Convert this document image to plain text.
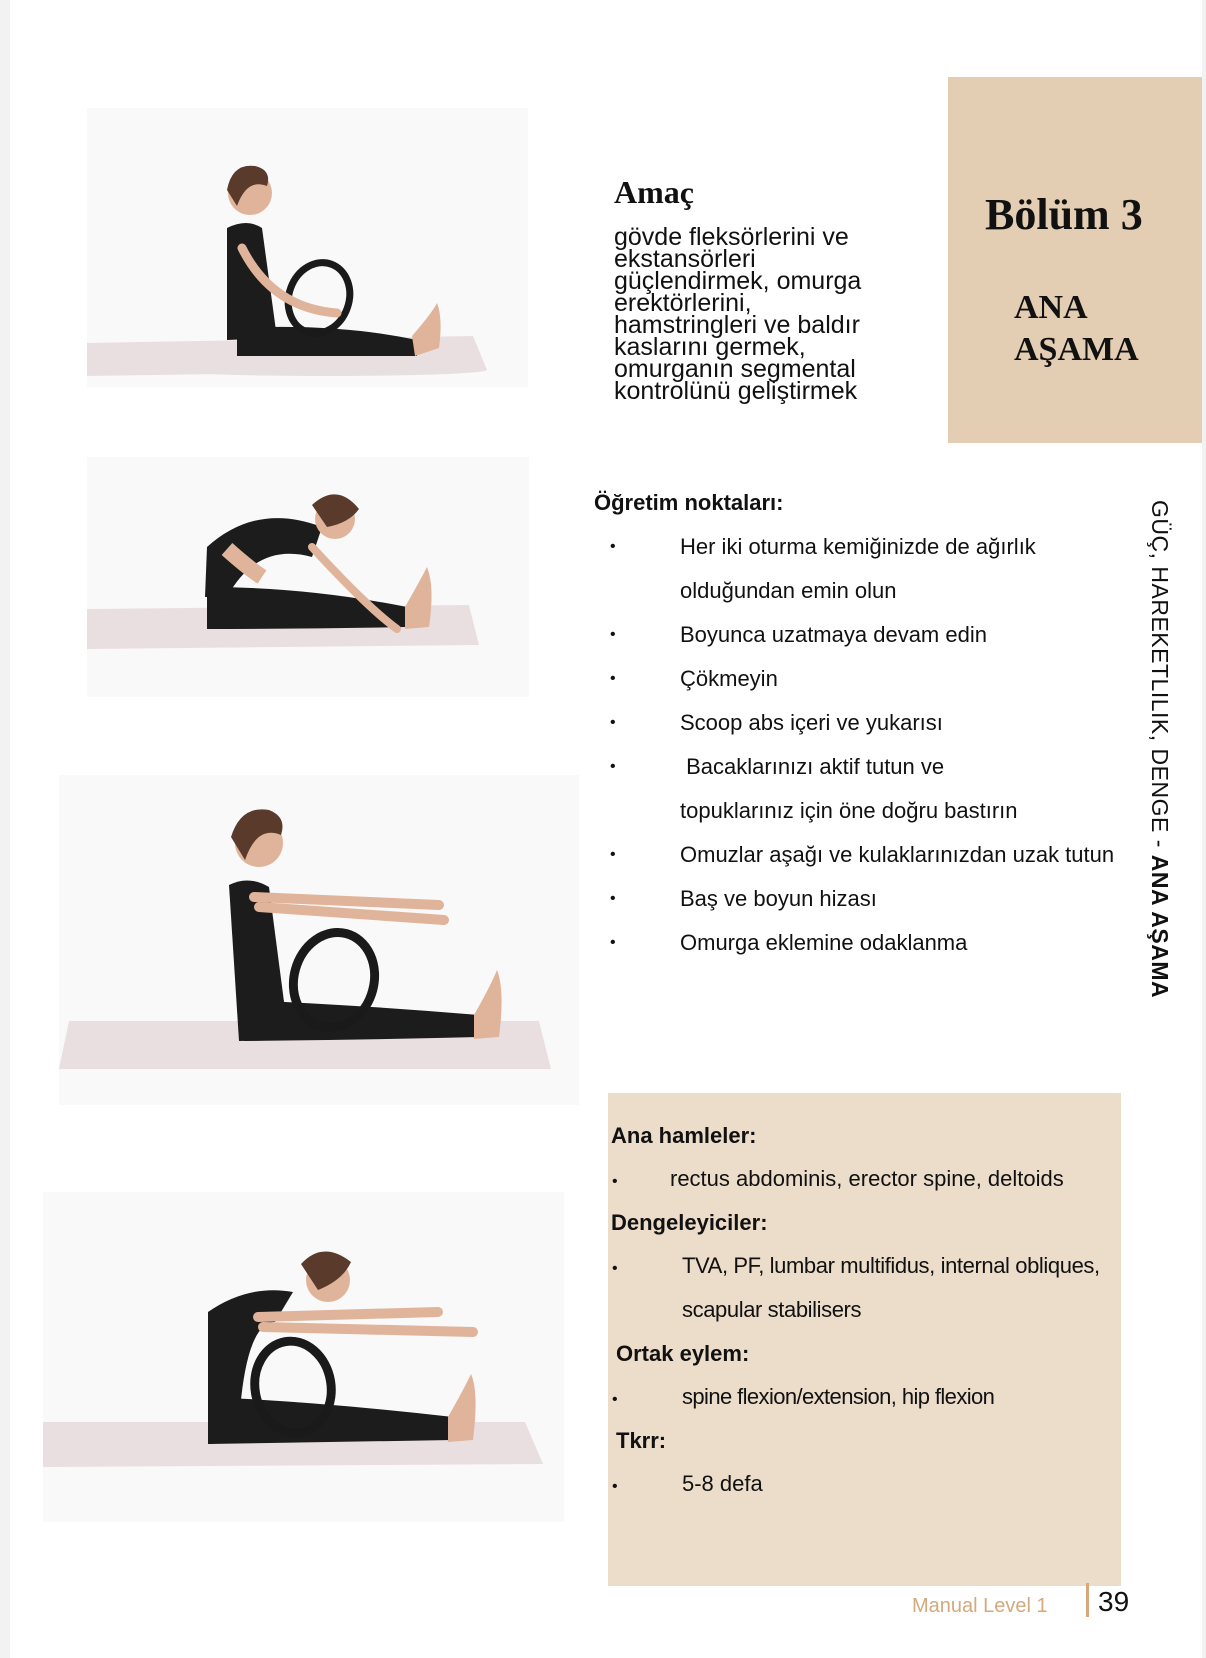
Bölüm 3
ANA AŞAMA
Amaç
gövde fleksörlerini ve
ekstansörleri
güçlendirmek, omurga
erektörlerini,
hamstringleri ve baldır
kaslarını germek,
omurganın segmental
kontrolünü geliştirmek
Öğretim noktaları:
•	Her iki oturma kemiğinizde de ağırlık
olduğundan emin olun
•	Boyunca uzatmaya devam edin
•	Çökmeyin
•	Scoop abs içeri ve yukarısı
•	Bacaklarınızı aktif tutun ve
topuklarınız için öne doğru bastırın
•	Omuzlar aşağı ve kulaklarınızdan uzak tutun
•	Baş ve boyun hizası
•	Omurga eklemine odaklanma
GÜÇ, HAREKETLILIK, DENGE - ANA AŞAMA
Ana hamleler:
• rectus abdominis, erector spine, deltoids
Dengeleyiciler:
•	TVA, PF, lumbar multifidus, internal obliques,
scapular stabilisers
Ortak eylem:
•	spine flexion/extension, hip flexion
Tkrr:
•	5-8 defa
Manual Level 1 39
